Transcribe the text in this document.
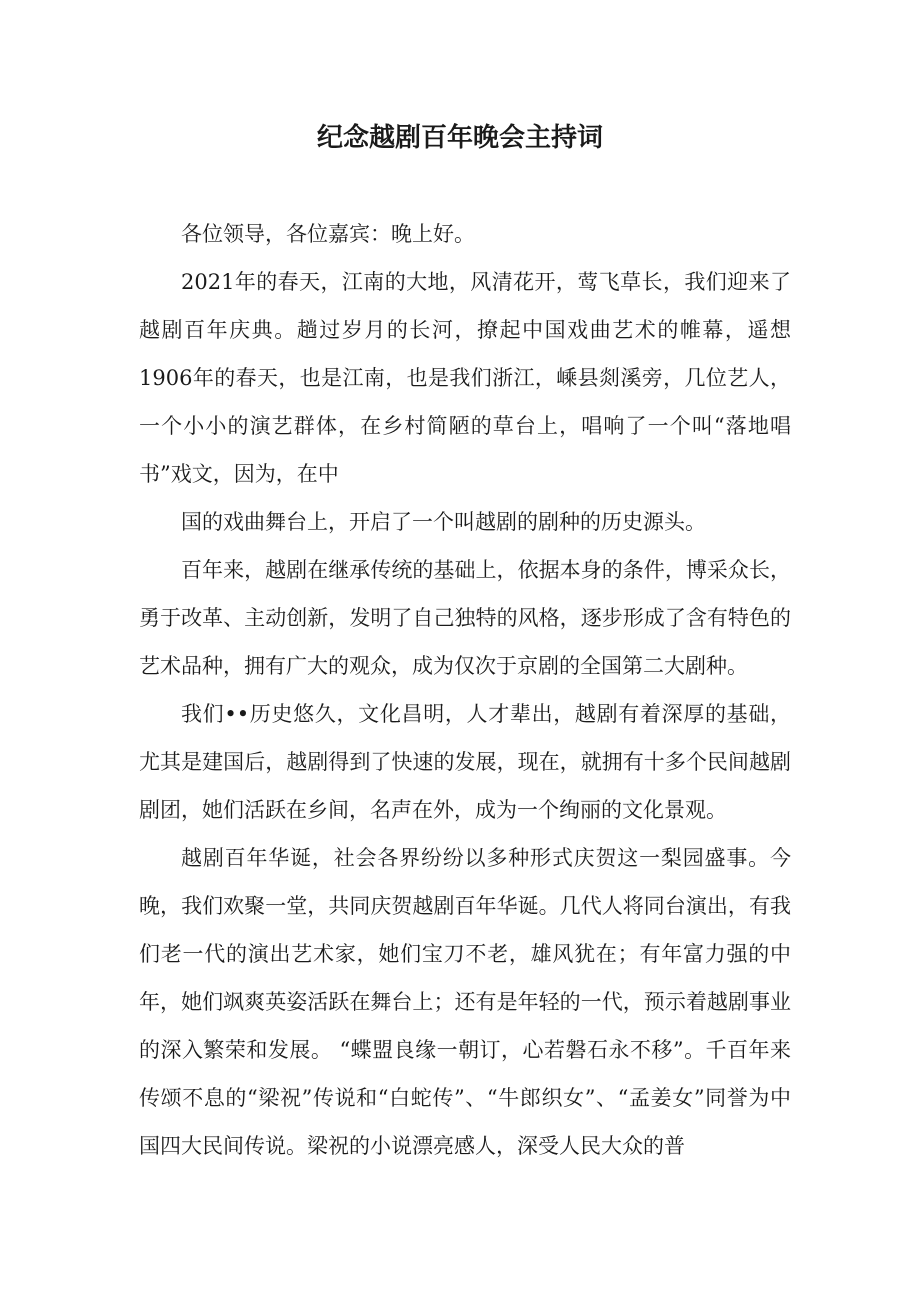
纪念越剧百年晚会主持词

各位领导，各位嘉宾：晚上好。

2021年的春天，江南的大地，风清花开，莺飞草长，我们迎来了越剧百年庆典。趟过岁月的长河，撩起中国戏曲艺术的帷幕，遥想1906年的春天，也是江南，也是我们浙江，嵊县剡溪旁，几位艺人，一个小小的演艺群体，在乡村简陋的草台上，唱响了一个叫“落地唱书”戏文，因为，在中

国的戏曲舞台上，开启了一个叫越剧的剧种的历史源头。

百年来，越剧在继承传统的基础上，依据本身的条件，博采众长，勇于改革、主动创新，发明了自己独特的风格，逐步形成了含有特色的艺术品种，拥有广大的观众，成为仅次于京剧的全国第二大剧种。

我们••历史悠久，文化昌明，人才辈出，越剧有着深厚的基础，尤其是建国后，越剧得到了快速的发展，现在，就拥有十多个民间越剧剧团，她们活跃在乡间，名声在外，成为一个绚丽的文化景观。

越剧百年华诞，社会各界纷纷以多种形式庆贺这一梨园盛事。今晚，我们欢聚一堂，共同庆贺越剧百年华诞。几代人将同台演出，有我们老一代的演出艺术家，她们宝刀不老，雄风犹在；有年富力强的中年，她们飒爽英姿活跃在舞台上；还有是年轻的一代，预示着越剧事业的深入繁荣和发展。 “蝶盟良缘一朝订，心若磐石永不移”。千百年来传颂不息的“梁祝”传说和“白蛇传”、“牛郎织女”、“孟姜女”同誉为中国四大民间传说。梁祝的小说漂亮感人，深受人民大众的普
